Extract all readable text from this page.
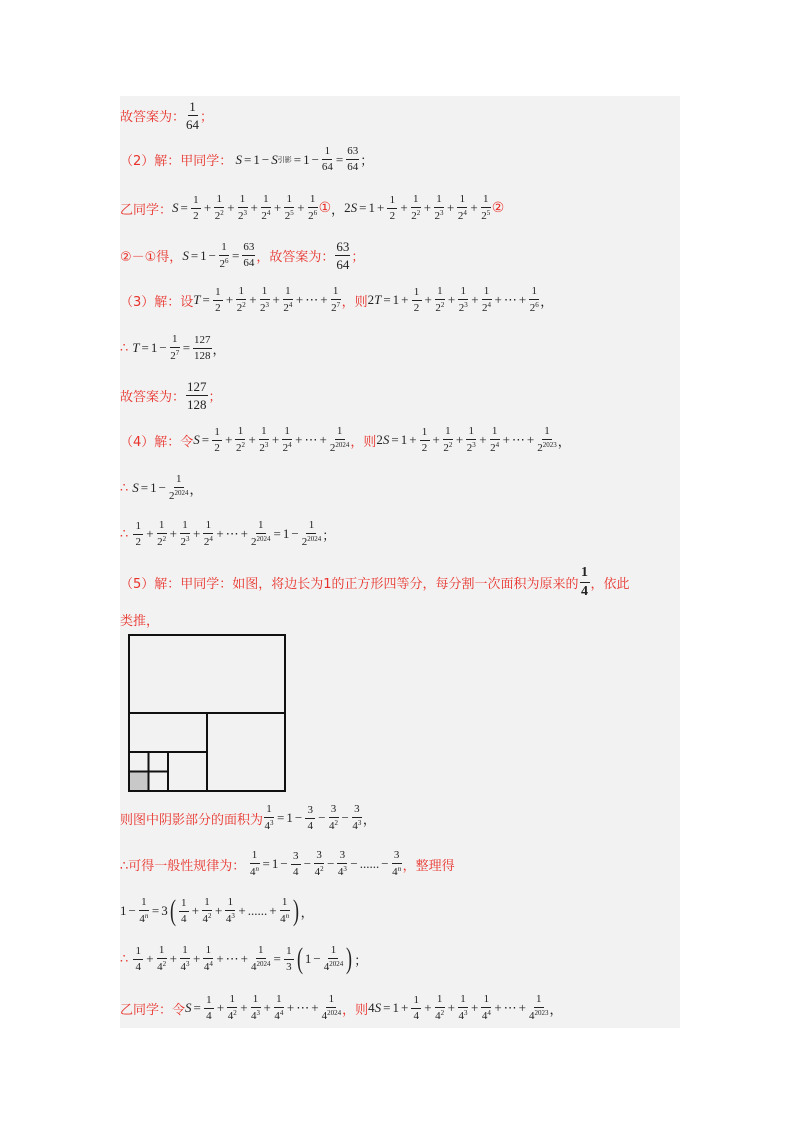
故答案为：
1
64 ；
（2）解：甲同学： S = 1 − S 引影 = $1 - \frac{1}{64} = \frac{63}{64}$ ；
乙同学： $S = \frac{1}{2} + \frac{1}{2^2} + \frac{1}{2^3} + \frac{1}{2^4} + \frac{1}{2^5} + \frac{1}{2^6}$ ① ， 2 $S = 1 + \frac{1}{2} + \frac{1}{2^2} + \frac{1}{2^3} + \frac{1}{2^4} + \frac{1}{2^5}$ ②
②－①得， $S = 1 - \frac{1}{2^6} = \frac{63}{64}$ ，故答案为：
63
64 ；
（3）解：设 $T = \frac{1}{2} + \frac{1}{2^2} + \frac{1}{2^3} + \frac{1}{2^4}$ + ⋯ + $\frac{1}{2^7}$ ，则 2 $T = 1 + \frac{1}{2} + \frac{1}{2^2} + \frac{1}{2^3} + \frac{1}{2^4}$ + ⋯ + $\frac{1}{2^6}$ ，
∴ $T = 1 - \frac{1}{2^7} = \frac{127}{128}$ ，
故答案为：
127
128 ；
（4）解：令 $S = \frac{1}{2} + \frac{1}{2^2} + \frac{1}{2^3} + \frac{1}{2^4}$ + ⋯ + $\frac{1}{2^{2024}}$ ，则 2 $S = 1 + \frac{1}{2} + \frac{1}{2^2} + \frac{1}{2^3} + \frac{1}{2^4}$ + ⋯ + $\frac{1}{2^{2023}}$ ，
∴ $S = 1 - \frac{1}{2^{2024}}$ ，
∴
1
2
+ $\frac{1}{2^2} + \frac{1}{2^3} + \frac{1}{2^4}$ + ⋯ + $\frac{1}{2^{2024}} = 1 - \frac{1}{2^{2024}}$ ；
（5）解：甲同学：如图，将边长为1的正方形四等分，每分割一次面积为原来的
1
4 ，依此
类推，
则图中阴影部分的面积为 $\frac{1}{4^3} = 1 - \frac{3}{4} - \frac{3}{4^2} - \frac{3}{4^3}$ ，
∴可得一般性规律为：
$\frac{1}{4^n} = 1 - \frac{3}{4} - \frac{3}{4^2} - \frac{3}{4^3}$ − ...... − $\frac{3}{4^n}$ ，整理得
$1 - \frac{1}{4^n} = 3$ ( 1
4
+ $\frac{1}{4^2} + \frac{1}{4^3}$ + ...... + $\frac{1}{4^n}$ ) ，
∴
1
4
+ $\frac{1}{4^2} + \frac{1}{4^3} + \frac{1}{4^4}$ + ⋯ + $\frac{1}{4^{2024}} = \frac{1}{3}$ ( $1 - \frac{1}{4^{2024}}$ ) ；
乙同学：令 $S = \frac{1}{4} + \frac{1}{4^2} + \frac{1}{4^3} + \frac{1}{4^4}$ + ⋯ + $\frac{1}{4^{2024}}$ ，则 4 $S = 1 + \frac{1}{4} + \frac{1}{4^2} + \frac{1}{4^3} + \frac{1}{4^4}$ + ⋯ + $\frac{1}{4^{2023}}$ ，
